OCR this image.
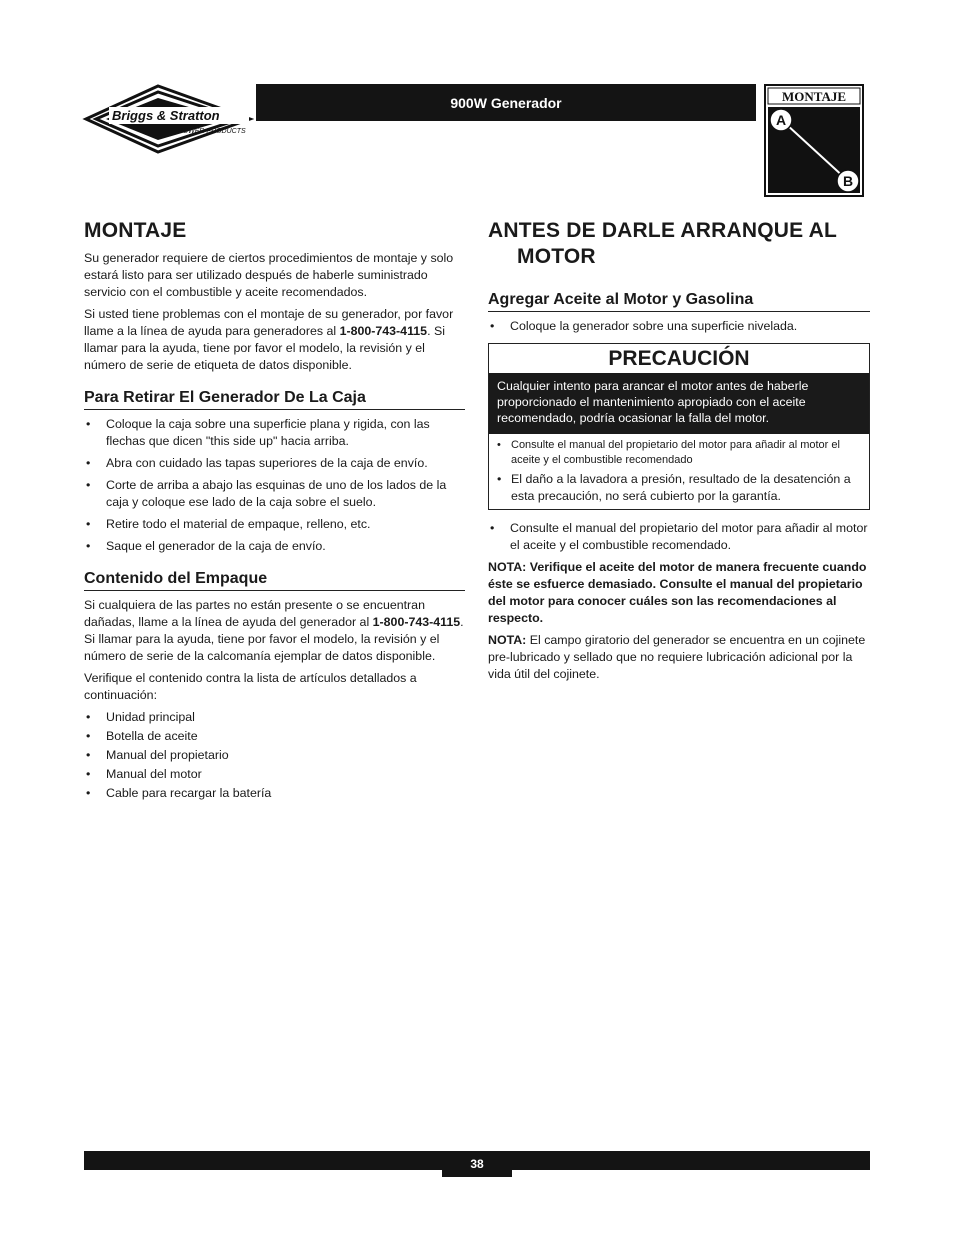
Briggs & Stratton
POWER PRODUCTS
900W Generador	MONTAJE
A
B
MONTAJE

Su generador requiere de ciertos procedimientos de montaje y solo estará listo para ser utilizado después de haberle suministrado servicio con el combustible y aceite recomendados.

Si usted tiene problemas con el montaje de su generador, por favor llame a la línea de ayuda para generadores al 1-800-743-4115. Si llamar para la ayuda, tiene por favor el modelo, la revisión y el número de serie de etiqueta de datos disponible.

Para Retirar El Generador De La Caja
• Coloque la caja sobre una superficie plana y rigida, con las flechas que dicen "this side up" hacia arriba.
• Abra con cuidado las tapas superiores de la caja de envío.
• Corte de arriba a abajo las esquinas de uno de los lados de la caja y coloque ese lado de la caja sobre el suelo.
• Retire todo el material de empaque, relleno, etc.
• Saque el generador de la caja de envío.
Contenido del Empaque

Si cualquiera de las partes no están presente o se encuentran dañadas, llame a la línea de ayuda del generador al 1-800-743-4115. Si llamar para la ayuda, tiene por favor el modelo, la revisión y el número de serie de la calcomanía ejemplar de datos disponible.

Verifique el contenido contra la lista de artículos detallados a continuación:

• Unidad principal
• Botella de aceite
• Manual del propietario
• Manual del motor
• Cable para recargar la batería
ANTES DE DARLE ARRANQUE AL MOTOR
Agregar Aceite al Motor y Gasolina
• Coloque la generador sobre una superficie nivelada.
PRECAUCIÓN
Cualquier intento para arancar el motor antes de haberle proporcionado el mantenimiento apropiado con el aceite recomendado, podría ocasionar la falla del motor.
• Consulte el manual del propietario del motor para añadir al motor el aceite y el combustible recomendado
• El daño a la lavadora a presión, resultado de la desatención a esta precaución, no será cubierto por la garantía.
• Consulte el manual del propietario del motor para añadir al motor el aceite y el combustible recomendado.

NOTA: Verifique el aceite del motor de manera frecuente cuando éste se esfuerce demasiado. Consulte el manual del propietario del motor para conocer cuáles son las recomendaciones al respecto.

NOTA: El campo giratorio del generador se encuentra en un cojinete pre-lubricado y sellado que no requiere lubricación adicional por la vida útil del cojinete.

38
